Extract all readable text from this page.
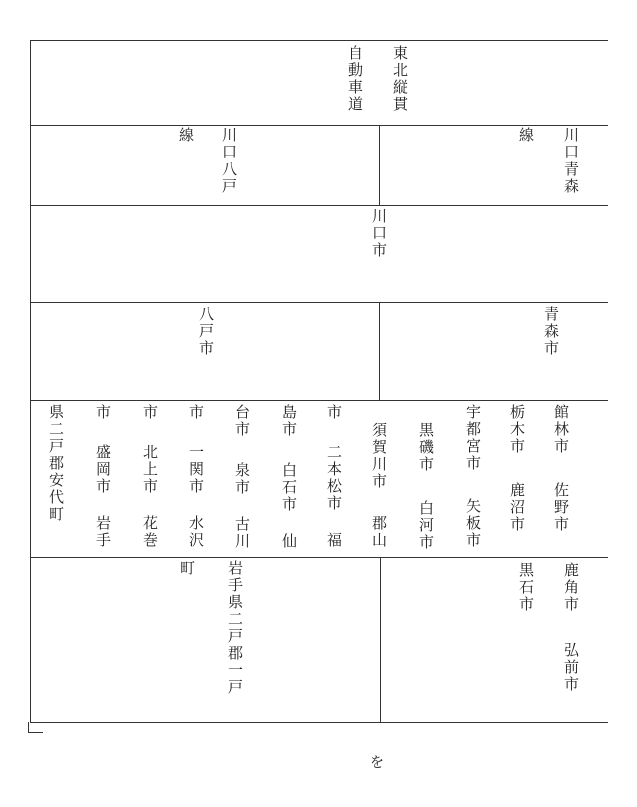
東北縦貫
自動車道
川口八戸
線	川口青森
線
川口市
八戸市	青森市
館林市
佐野市
栃木市
鹿沼市
宇都宮市
矢板市
黒磯市
白河市
須賀川市
郡山
市
二本松市 福
島市
白石市 仙
台市
泉市 古川
市
一関市 水沢
市
北上市 花巻
市
盛岡市 岩手
県二戸郡安代町
鹿角市
弘前市
黒石市
岩手県二戸郡一戸
町
を
